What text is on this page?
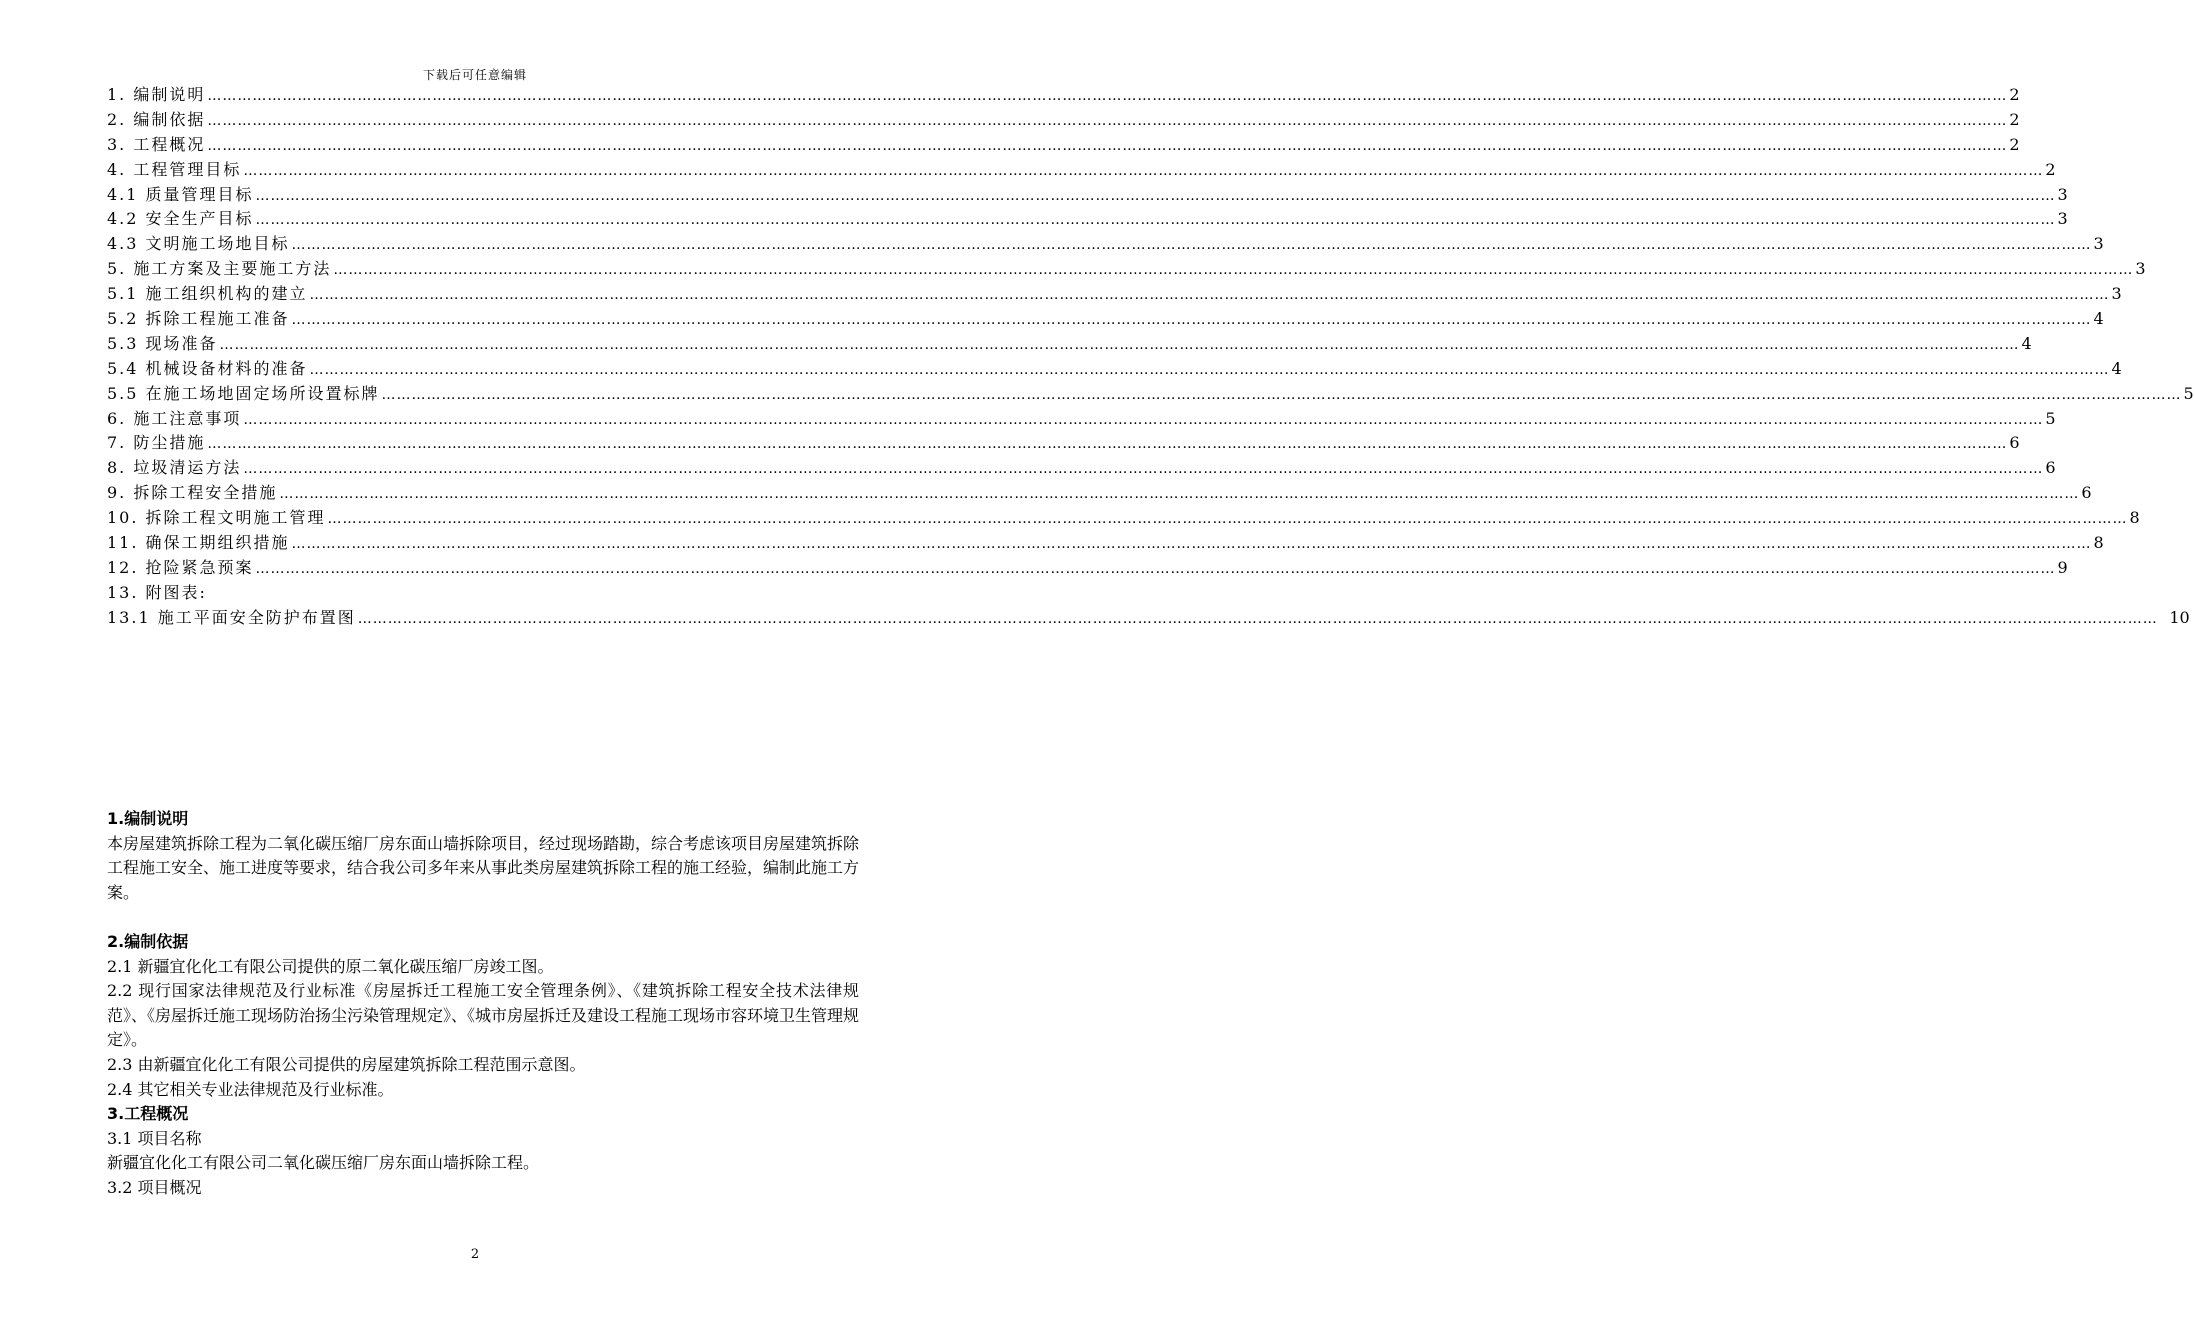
下载后可任意编辑
1. 编制说明 ……………………………………………………………………………………………………………………………………………………………………………………………………………………………………………………………………………………………………………………………… 2
2. 编制依据 ……………………………………………………………………………………………………………………………………………………………………………………………………………………………………………………………………………………………………………………………… 2
3. 工程概况 ……………………………………………………………………………………………………………………………………………………………………………………………………………………………………………………………………………………………………………………………… 2
4. 工程管理目标 ……………………………………………………………………………………………………………………………………………………………………………………………………………………………………………………………………………………………………………………………… 2
4.1 质量管理目标 ……………………………………………………………………………………………………………………………………………………………………………………………………………………………………………………………………………………………………………………………… 3
4.2 安全生产目标 ……………………………………………………………………………………………………………………………………………………………………………………………………………………………………………………………………………………………………………………………… 3
4.3 文明施工场地目标 ……………………………………………………………………………………………………………………………………………………………………………………………………………………………………………………………………………………………………………………………… 3
5. 施工方案及主要施工方法 ……………………………………………………………………………………………………………………………………………………………………………………………………………………………………………………………………………………………………………………………… 3
5.1 施工组织机构的建立 ……………………………………………………………………………………………………………………………………………………………………………………………………………………………………………………………………………………………………………………………… 3
5.2 拆除工程施工准备 ……………………………………………………………………………………………………………………………………………………………………………………………………………………………………………………………………………………………………………………………… 4
5.3 现场准备 ……………………………………………………………………………………………………………………………………………………………………………………………………………………………………………………………………………………………………………………………… 4
5.4 机械设备材料的准备 ……………………………………………………………………………………………………………………………………………………………………………………………………………………………………………………………………………………………………………………………… 4
5.5 在施工场地固定场所设置标牌 ……………………………………………………………………………………………………………………………………………………………………………………………………………………………………………………………………………………………………………………………… 5
6. 施工注意事项 ……………………………………………………………………………………………………………………………………………………………………………………………………………………………………………………………………………………………………………………………… 5
7. 防尘措施 ……………………………………………………………………………………………………………………………………………………………………………………………………………………………………………………………………………………………………………………………… 6
8. 垃圾清运方法 ……………………………………………………………………………………………………………………………………………………………………………………………………………………………………………………………………………………………………………………………… 6
9. 拆除工程安全措施 ……………………………………………………………………………………………………………………………………………………………………………………………………………………………………………………………………………………………………………………………… 6
10. 拆除工程文明施工管理 ……………………………………………………………………………………………………………………………………………………………………………………………………………………………………………………………………………………………………………………………… 8
11. 确保工期组织措施 ……………………………………………………………………………………………………………………………………………………………………………………………………………………………………………………………………………………………………………………………… 8
12. 抢险紧急预案 ……………………………………………………………………………………………………………………………………………………………………………………………………………………………………………………………………………………………………………………………… 9
13. 附图表:
13.1 施工平面安全防护布置图 ……………………………………………………………………………………………………………………………………………………………………………………………………………………………………………………………………………………………………………………………… 10
1.编制说明
本房屋建筑拆除工程为二氧化碳压缩厂房东面山墙拆除项目，经过现场踏勘，综合考虑该项目房屋建筑拆除工程施工安全、施工进度等要求，结合我公司多年来从事此类房屋建筑拆除工程的施工经验，编制此施工方案。
2.编制依据
2.1 新疆宜化化工有限公司提供的原二氧化碳压缩厂房竣工图。
2.2 现行国家法律规范及行业标准《房屋拆迁工程施工安全管理条例》、《建筑拆除工程安全技术法律规范》、《房屋拆迁施工现场防治扬尘污染管理规定》、《城市房屋拆迁及建设工程施工现场市容环境卫生管理规定》。
2.3 由新疆宜化化工有限公司提供的房屋建筑拆除工程范围示意图。
2.4 其它相关专业法律规范及行业标准。
3.工程概况
3.1 项目名称
新疆宜化化工有限公司二氧化碳压缩厂房东面山墙拆除工程。
3.2 项目概况
2
